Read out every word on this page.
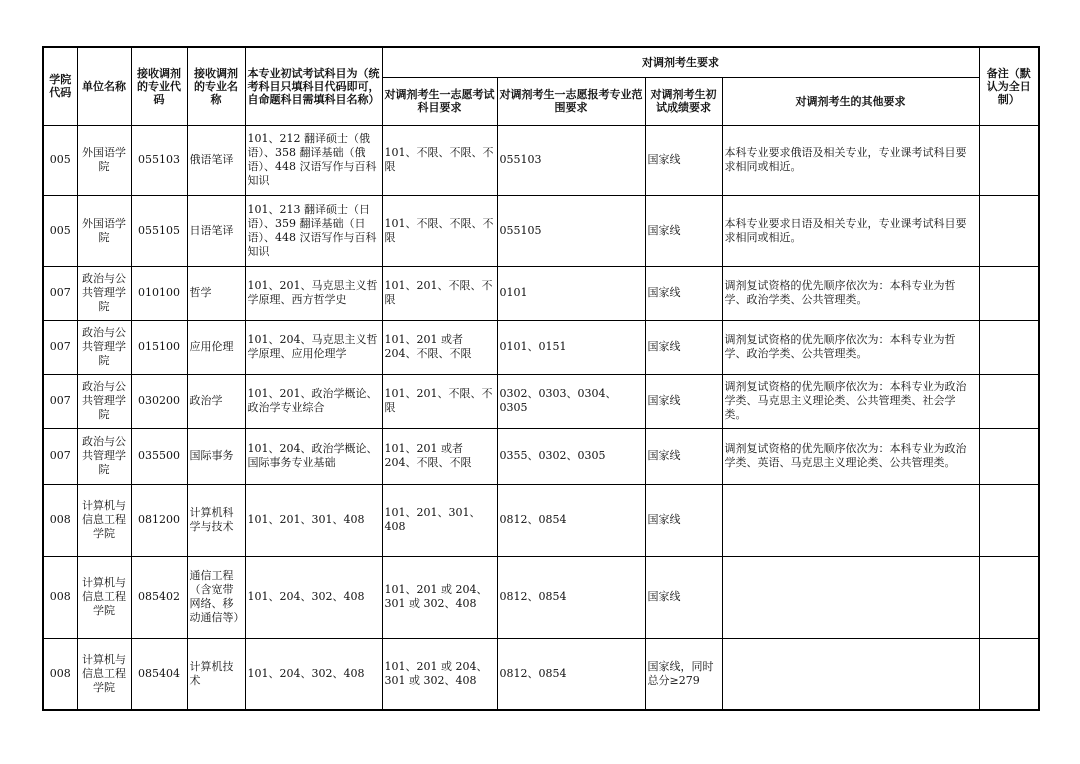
学院代码	单位名称	接收调剂的专业代码	接收调剂的专业名称	本专业初试考试科目为（统考科目只填科目代码即可，自命题科目需填科目名称）	对调剂考生要求				备注（默认为全日制）
					对调剂考生一志愿考试科目要求	对调剂考生一志愿报考专业范围要求	对调剂考生初试成绩要求	对调剂考生的其他要求	
005	外国语学院	055103	俄语笔译	101、212 翻译硕士（俄语）、358 翻译基础（俄语）、448 汉语写作与百科知识	101、不限、不限、不限	055103	国家线	本科专业要求俄语及相关专业，专业课考试科目要求相同或相近。	
005	外国语学院	055105	日语笔译	101、213 翻译硕士（日语）、359 翻译基础（日语）、448 汉语写作与百科知识	101、不限、不限、不限	055105	国家线	本科专业要求日语及相关专业，专业课考试科目要求相同或相近。	
007	政治与公共管理学院	010100	哲学	101、201、马克思主义哲学原理、西方哲学史	101、201、不限、不限	0101	国家线	调剂复试资格的优先顺序依次为：本科专业为哲学、政治学类、公共管理类。	
007	政治与公共管理学院	015100	应用伦理	101、204、马克思主义哲学原理、应用伦理学	101、201 或者 204、不限、不限	0101、0151	国家线	调剂复试资格的优先顺序依次为：本科专业为哲学、政治学类、公共管理类。	
007	政治与公共管理学院	030200	政治学	101、201、政治学概论、政治学专业综合	101、201、不限、不限	0302、0303、0304、0305	国家线	调剂复试资格的优先顺序依次为：本科专业为政治学类、马克思主义理论类、公共管理类、社会学类。	
007	政治与公共管理学院	035500	国际事务	101、204、政治学概论、国际事务专业基础	101、201 或者 204、不限、不限	0355、0302、0305	国家线	调剂复试资格的优先顺序依次为：本科专业为政治学类、英语、马克思主义理论类、公共管理类。	
008	计算机与信息工程学院	081200	计算机科学与技术	101、201、301、408	101、201、301、408	0812、0854	国家线		
008	计算机与信息工程学院	085402	通信工程（含宽带网络、移动通信等）	101、204、302、408	101、201 或 204、301 或 302、408	0812、0854	国家线		
008	计算机与信息工程学院	085404	计算机技术	101、204、302、408	101、201 或 204、301 或 302、408	0812、0854	国家线，同时总分≥279		
